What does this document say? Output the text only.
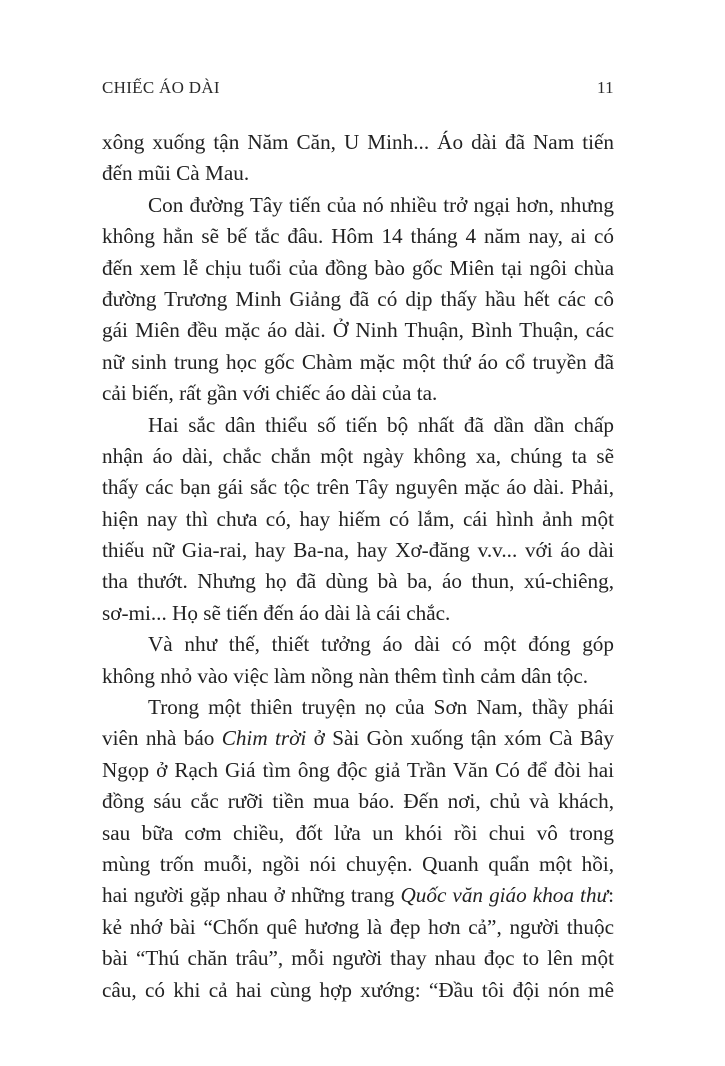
CHIẾC ÁO DÀI	11
xông xuống tận Năm Căn, U Minh... Áo dài đã Nam tiến
đến mũi Cà Mau.
Con đường Tây tiến của nó nhiều trở ngại hơn, nhưng
không hẳn sẽ bế tắc đâu. Hôm 14 tháng 4 năm nay, ai có
đến xem lễ chịu tuổi của đồng bào gốc Miên tại ngôi chùa
đường Trương Minh Giảng đã có dịp thấy hầu hết các cô
gái Miên đều mặc áo dài. Ở Ninh Thuận, Bình Thuận, các
nữ sinh trung học gốc Chàm mặc một thứ áo cổ truyền đã
cải biến, rất gần với chiếc áo dài của ta.
Hai sắc dân thiểu số tiến bộ nhất đã dần dần chấp
nhận áo dài, chắc chắn một ngày không xa, chúng ta sẽ
thấy các bạn gái sắc tộc trên Tây nguyên mặc áo dài. Phải,
hiện nay thì chưa có, hay hiếm có lắm, cái hình ảnh một
thiếu nữ Gia-rai, hay Ba-na, hay Xơ-đăng v.v... với áo dài
tha thướt. Nhưng họ đã dùng bà ba, áo thun, xú-chiêng,
sơ-mi... Họ sẽ tiến đến áo dài là cái chắc.
Và như thế, thiết tưởng áo dài có một đóng góp
không nhỏ vào việc làm nồng nàn thêm tình cảm dân tộc.
Trong một thiên truyện nọ của Sơn Nam, thầy phái
viên nhà báo Chim trời ở Sài Gòn xuống tận xóm Cà Bây
Ngọp ở Rạch Giá tìm ông độc giả Trần Văn Có để đòi hai
đồng sáu cắc rưỡi tiền mua báo. Đến nơi, chủ và khách,
sau bữa cơm chiều, đốt lửa un khói rồi chui vô trong
mùng trốn muỗi, ngồi nói chuyện. Quanh quẩn một hồi,
hai người gặp nhau ở những trang Quốc văn giáo khoa thư:
kẻ nhớ bài “Chốn quê hương là đẹp hơn cả”, người thuộc
bài “Thú chăn trâu”, mỗi người thay nhau đọc to lên một
câu, có khi cả hai cùng hợp xướng: “Đầu tôi đội nón mê
